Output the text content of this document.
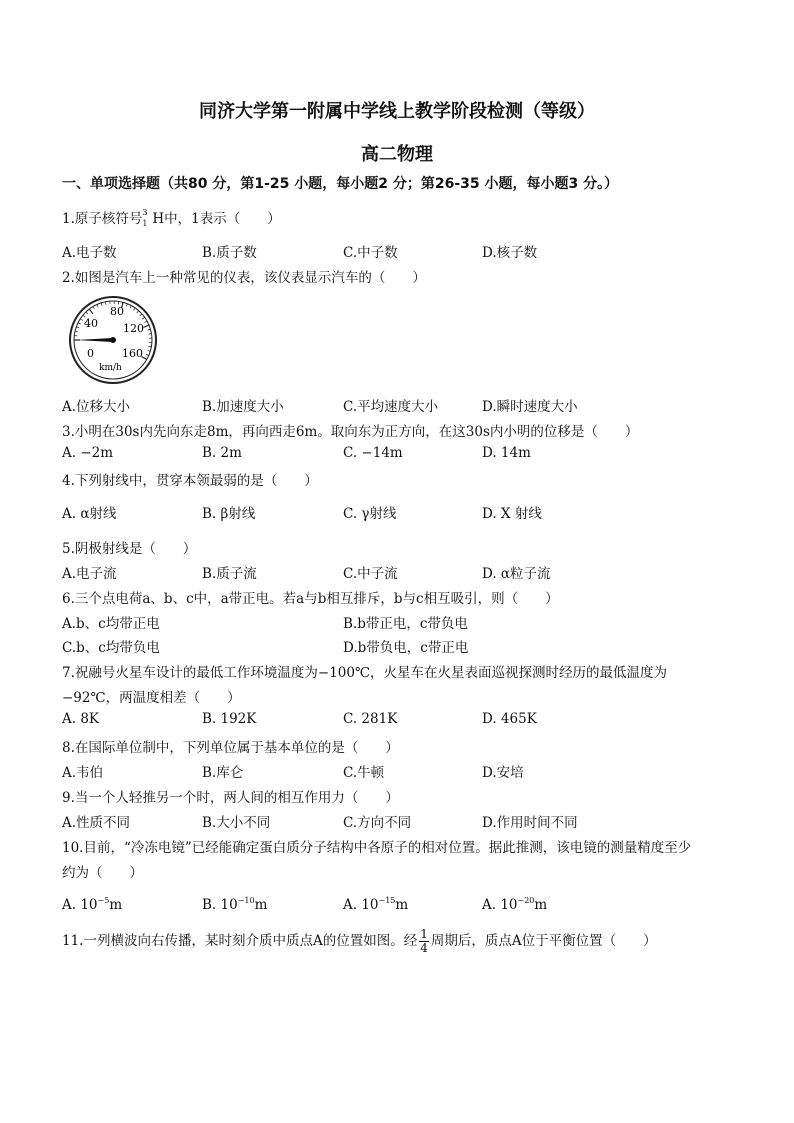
同济大学第一附属中学线上教学阶段检测（等级）
高二物理
一、单项选择题（共80 分，第1-25 小题，每小题2 分；第26-35 小题，每小题3 分。）
1.原子核符号 3
1 H中，1表示（　　）
A.电子数	B.质子数	C.中子数	D.核子数
2.如图是汽车上一种常见的仪表，该仪表显示汽车的（　　）
80
40 120
0	160
km/h
A.位移大小	B.加速度大小	C.平均速度大小	D.瞬时速度大小
3.小明在30s内先向东走8m，再向西走6m。取向东为正方向，在这30s内小明的位移是（　　）
A. −2m	B. 2m	C. −14m	D. 14m
4.下列射线中，贯穿本领最弱的是（　　）
A. α射线	B. β射线	C. γ射线	D. X 射线
5.阴极射线是（　　）
A.电子流	B.质子流	C.中子流	D. α粒子流
6.三个点电荷a、b、c中，a带正电。若a与b相互排斥，b与c相互吸引，则（　　）
A.b、c均带正电	B.b带正电，c带负电
C.b、c均带负电	D.b带负电，c带正电
7.祝融号火星车设计的最低工作环境温度为−100℃，火星车在火星表面巡视探测时经历的最低温度为
−92℃，两温度相差（　　）
A. 8K	B. 192K	C. 281K	D. 465K
8.在国际单位制中，下列单位属于基本单位的是（　　）
A.韦伯	B.库仑	C.牛顿	D.安培
9.当一个人轻推另一个时，两人间的相互作用力（　　）
A.性质不同	B.大小不同	C.方向不同	D.作用时间不同
10.目前，“冷冻电镜”已经能确定蛋白质分子结构中各原子的相对位置。据此推测，该电镜的测量精度至少
约为（　　）
A. $10^{-5}m$	B. $10^{-10}m$	A. $10^{-15}m$	A. $10^{-20}m$
11.一列横波向右传播，某时刻介质中质点A的位置如图。经 $\frac{1}{4}$ 周期后，质点A位于平衡位置（　　）
